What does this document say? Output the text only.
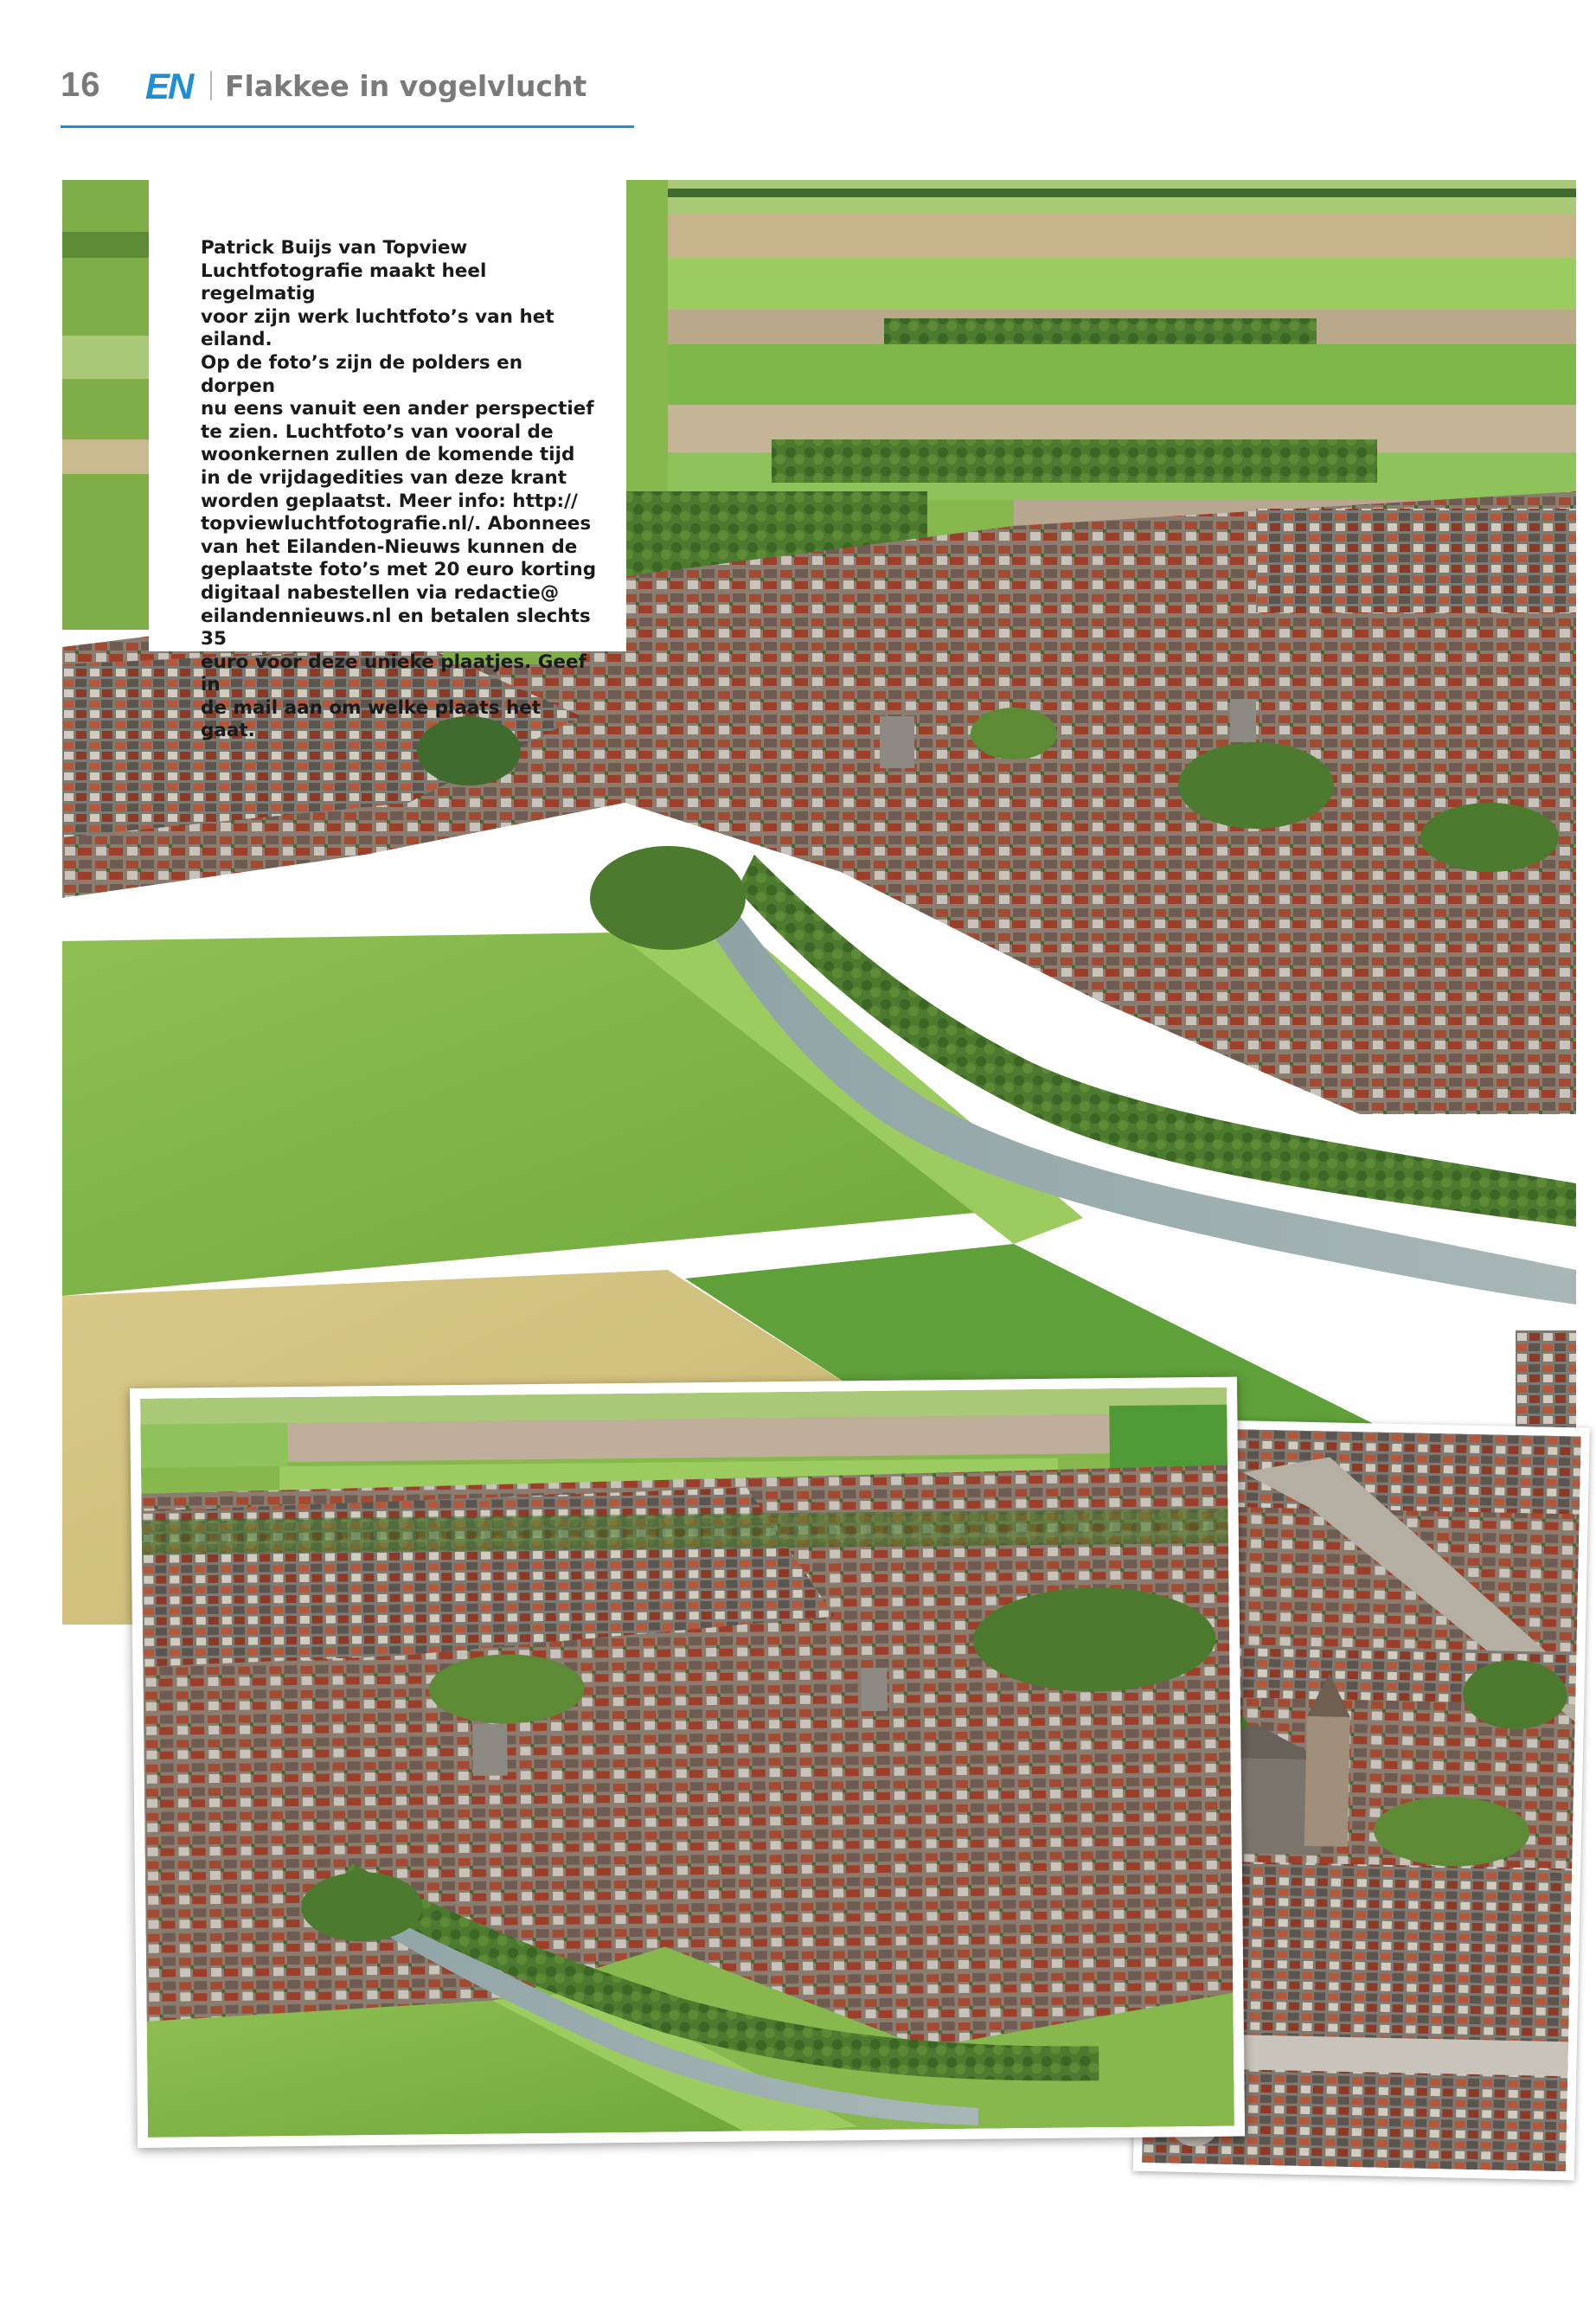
16 EN Flakkee in vogelvlucht
Patrick Buijs van Topview
Luchtfotografie maakt heel regelmatig
voor zijn werk luchtfoto’s van het eiland.
Op de foto’s zijn de polders en dorpen
nu eens vanuit een ander perspectief
te zien. Luchtfoto’s van vooral de
woonkernen zullen de komende tijd
in de vrijdagedities van deze krant
worden geplaatst. Meer info: http://
topviewluchtfotografie.nl/. Abonnees
van het Eilanden-Nieuws kunnen de
geplaatste foto’s met 20 euro korting
digitaal nabestellen via redactie@
eilandennieuws.nl en betalen slechts 35
euro voor deze unieke plaatjes. Geef in
de mail aan om welke plaats het gaat.
